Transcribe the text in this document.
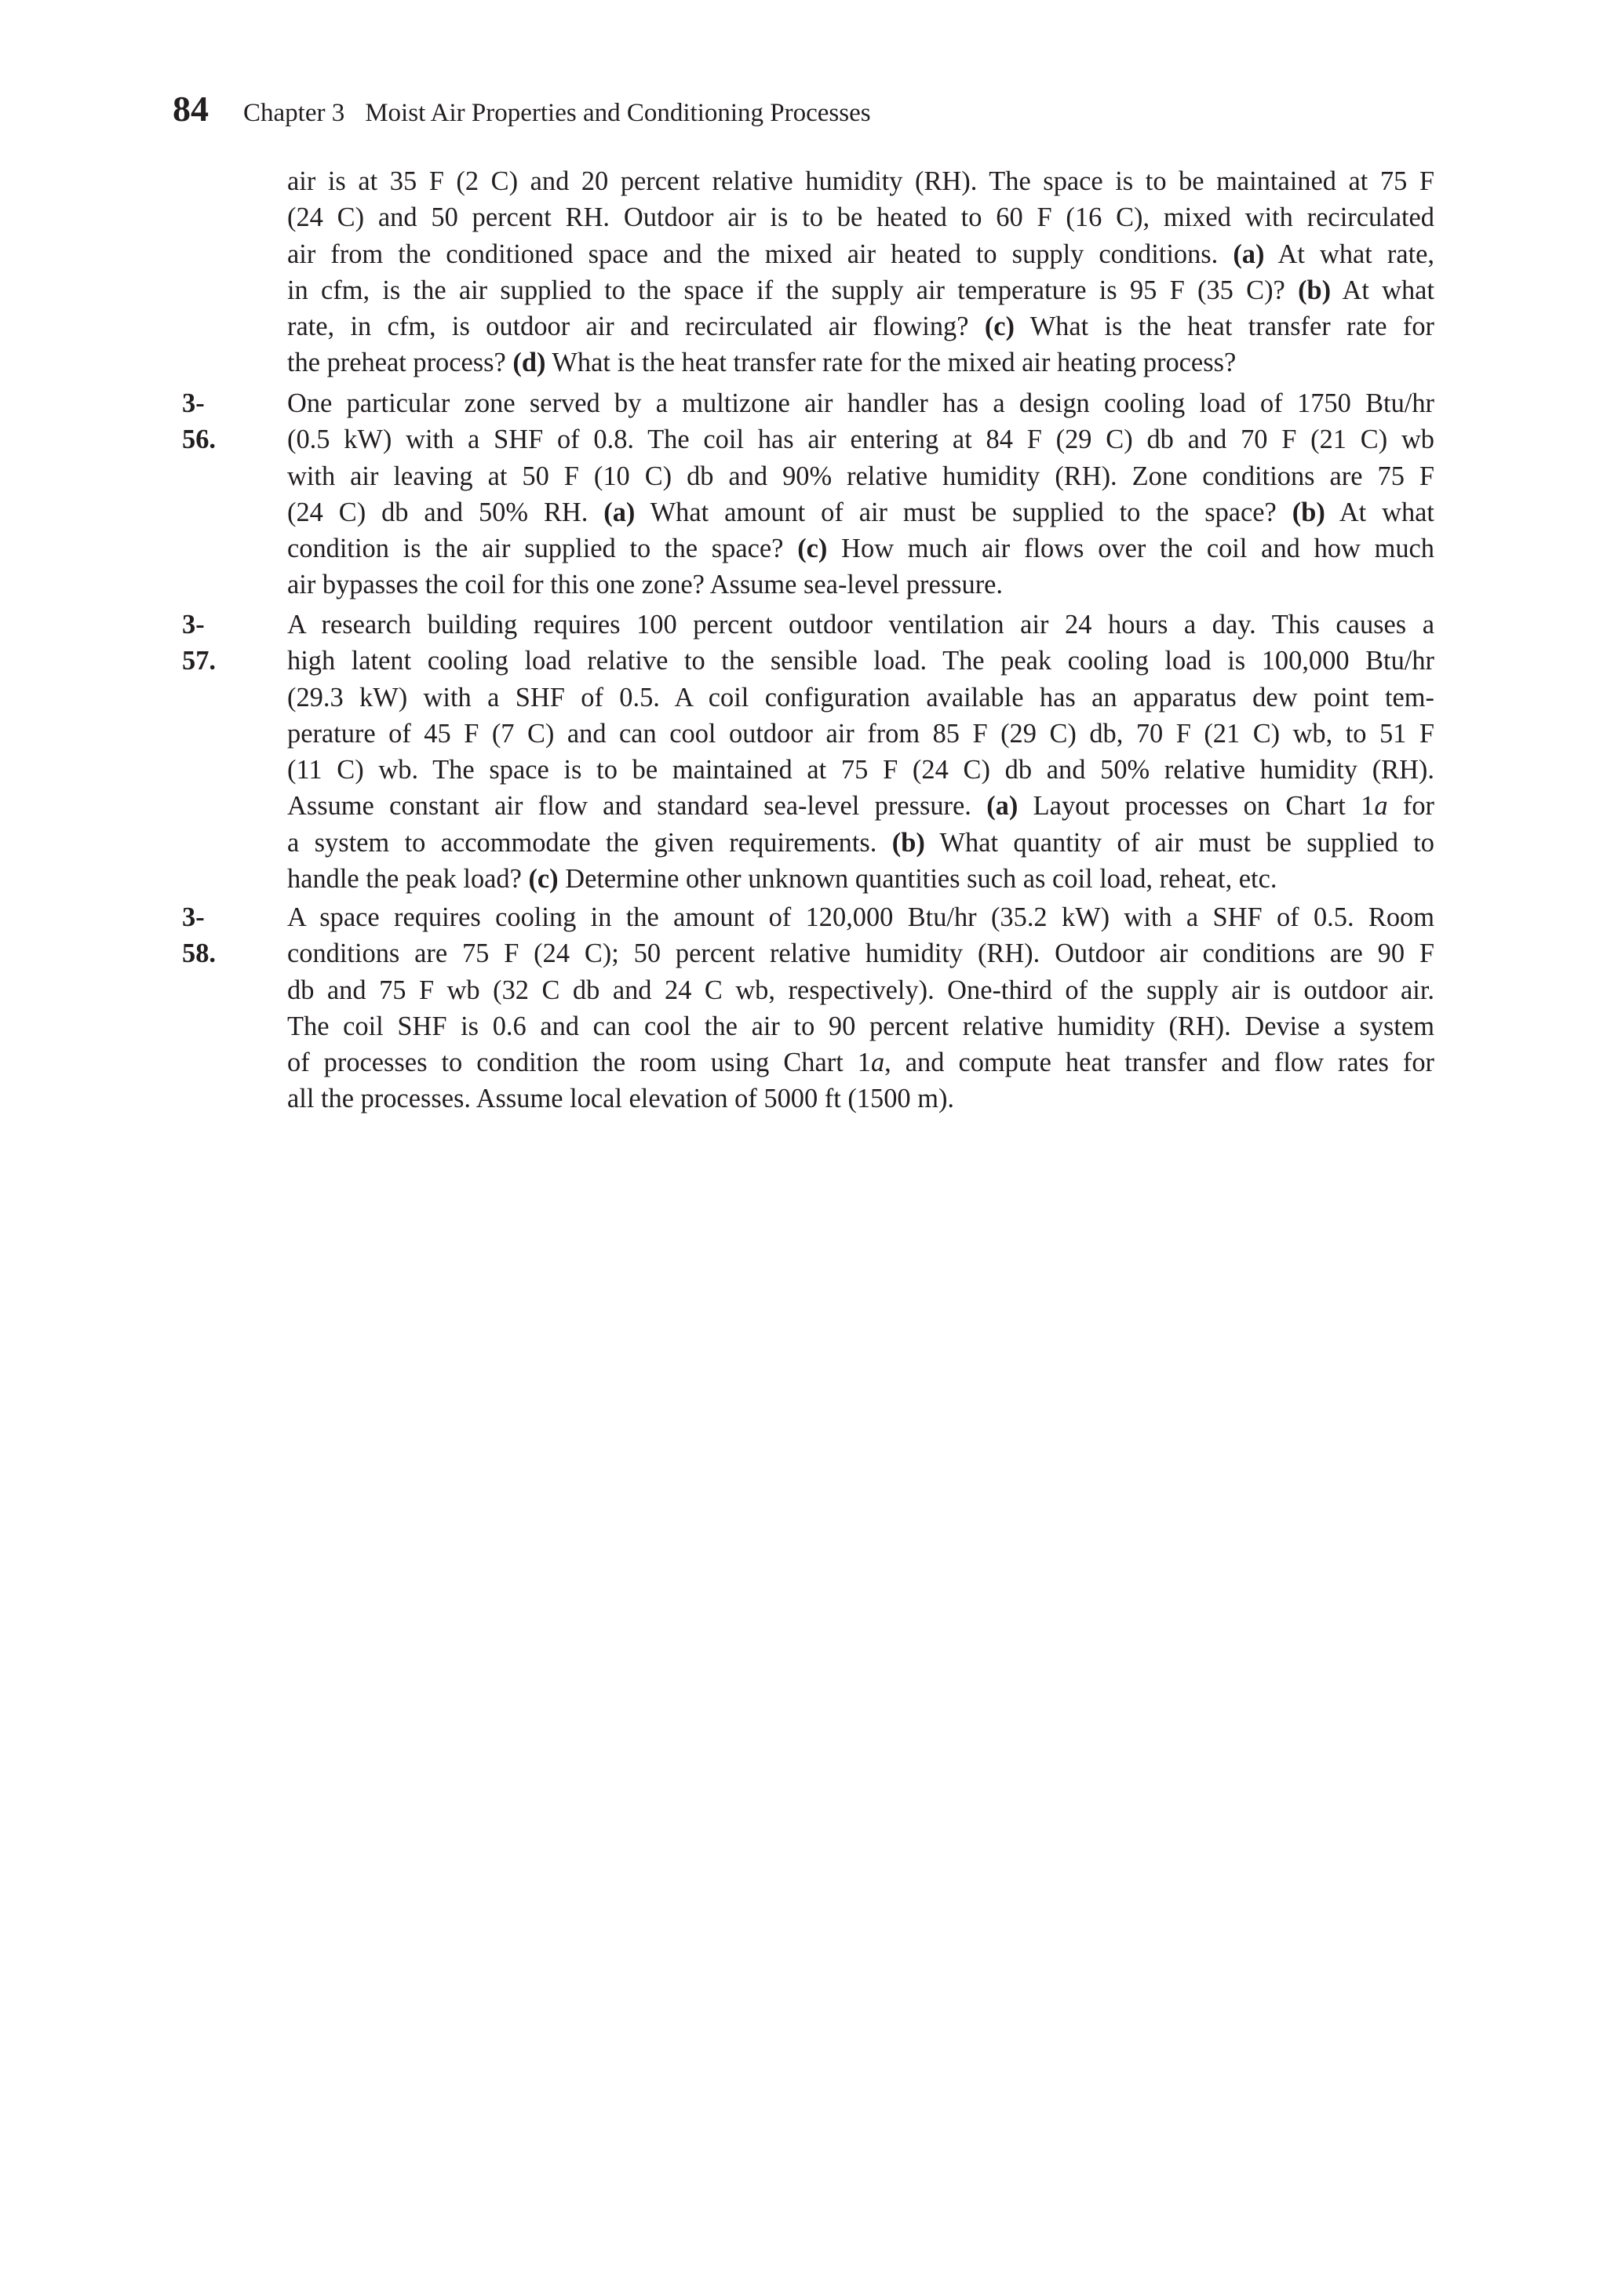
84 Chapter 3 Moist Air Properties and Conditioning Processes
air is at 35 F (2 C) and 20 percent relative humidity (RH). The space is to be maintained at 75 F
(24 C) and 50 percent RH. Outdoor air is to be heated to 60 F (16 C), mixed with recirculated
air from the conditioned space and the mixed air heated to supply conditions. (a) At what rate,
in cfm, is the air supplied to the space if the supply air temperature is 95 F (35 C)? (b) At what
rate, in cfm, is outdoor air and recirculated air flowing? (c) What is the heat transfer rate for
the preheat process? (d) What is the heat transfer rate for the mixed air heating process?
3-56.
One particular zone served by a multizone air handler has a design cooling load of 1750 Btu/hr
(0.5 kW) with a SHF of 0.8. The coil has air entering at 84 F (29 C) db and 70 F (21 C) wb
with air leaving at 50 F (10 C) db and 90% relative humidity (RH). Zone conditions are 75 F
(24 C) db and 50% RH. (a) What amount of air must be supplied to the space? (b) At what
condition is the air supplied to the space? (c) How much air flows over the coil and how much
air bypasses the coil for this one zone? Assume sea-level pressure.
3-57.
A research building requires 100 percent outdoor ventilation air 24 hours a day. This causes a
high latent cooling load relative to the sensible load. The peak cooling load is 100,000 Btu/hr
(29.3 kW) with a SHF of 0.5. A coil configuration available has an apparatus dew point tem-
perature of 45 F (7 C) and can cool outdoor air from 85 F (29 C) db, 70 F (21 C) wb, to 51 F
(11 C) wb. The space is to be maintained at 75 F (24 C) db and 50% relative humidity (RH).
Assume constant air flow and standard sea-level pressure. (a) Layout processes on Chart 1a for
a system to accommodate the given requirements. (b) What quantity of air must be supplied to
handle the peak load? (c) Determine other unknown quantities such as coil load, reheat, etc.
3-58.
A space requires cooling in the amount of 120,000 Btu/hr (35.2 kW) with a SHF of 0.5. Room
conditions are 75 F (24 C); 50 percent relative humidity (RH). Outdoor air conditions are 90 F
db and 75 F wb (32 C db and 24 C wb, respectively). One-third of the supply air is outdoor air.
The coil SHF is 0.6 and can cool the air to 90 percent relative humidity (RH). Devise a system
of processes to condition the room using Chart 1a, and compute heat transfer and flow rates for
all the processes. Assume local elevation of 5000 ft (1500 m).
